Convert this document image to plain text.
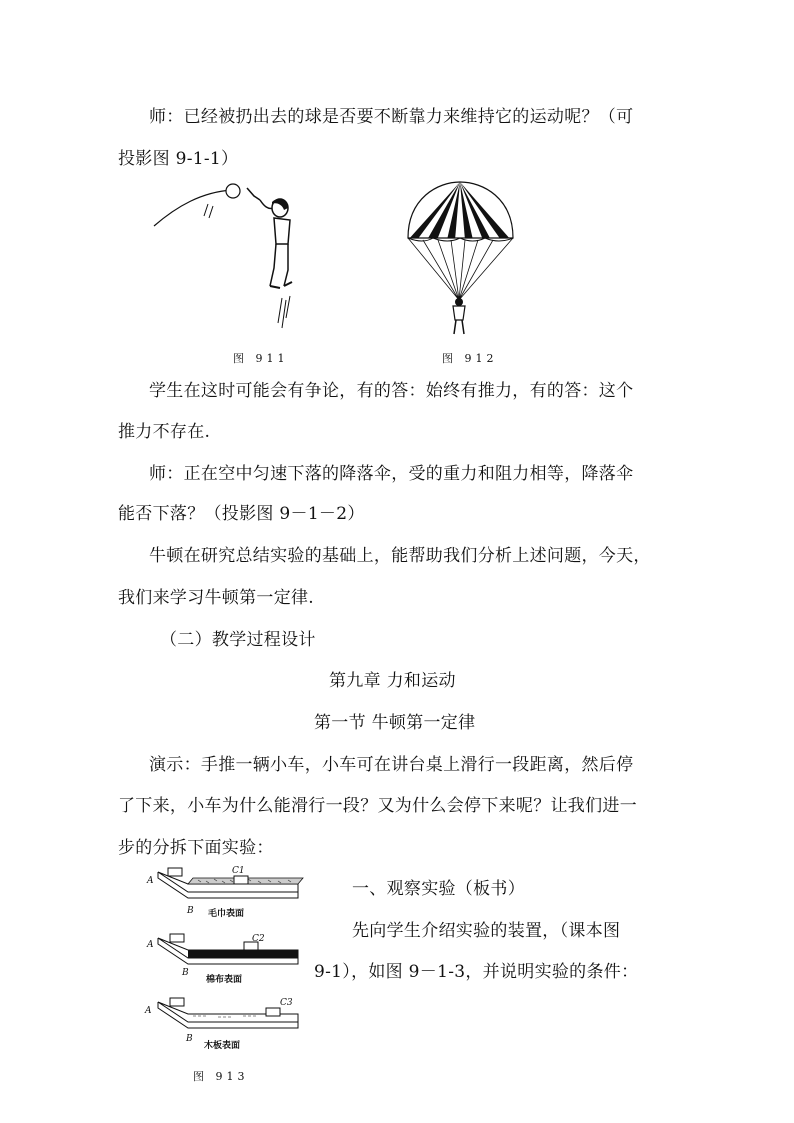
师：已经被扔出去的球是否要不断靠力来维持它的运动呢？（可
投影图 9-1-1）
图 911	图 912
学生在这时可能会有争论，有的答：始终有推力，有的答：这个
推力不存在.
师：正在空中匀速下落的降落伞，受的重力和阻力相等，降落伞
能否下落？（投影图 9－1－2）
牛顿在研究总结实验的基础上，能帮助我们分析上述问题，今天，
我们来学习牛顿第一定律.
（二）教学过程设计
第九章 力和运动
第一节 牛顿第一定律
演示：手推一辆小车，小车可在讲台桌上滑行一段距离，然后停
了下来，小车为什么能滑行一段？又为什么会停下来呢？让我们进一
步的分拆下面实验：
一、观察实验（板书）
先向学生介绍实验的装置，（课本图
9-1），如图 9－1-3，并说明实验的条件：
A
C1
B 毛巾表面
A
C2
B
棉布表面
A
C3
B
木板表面
图 913
